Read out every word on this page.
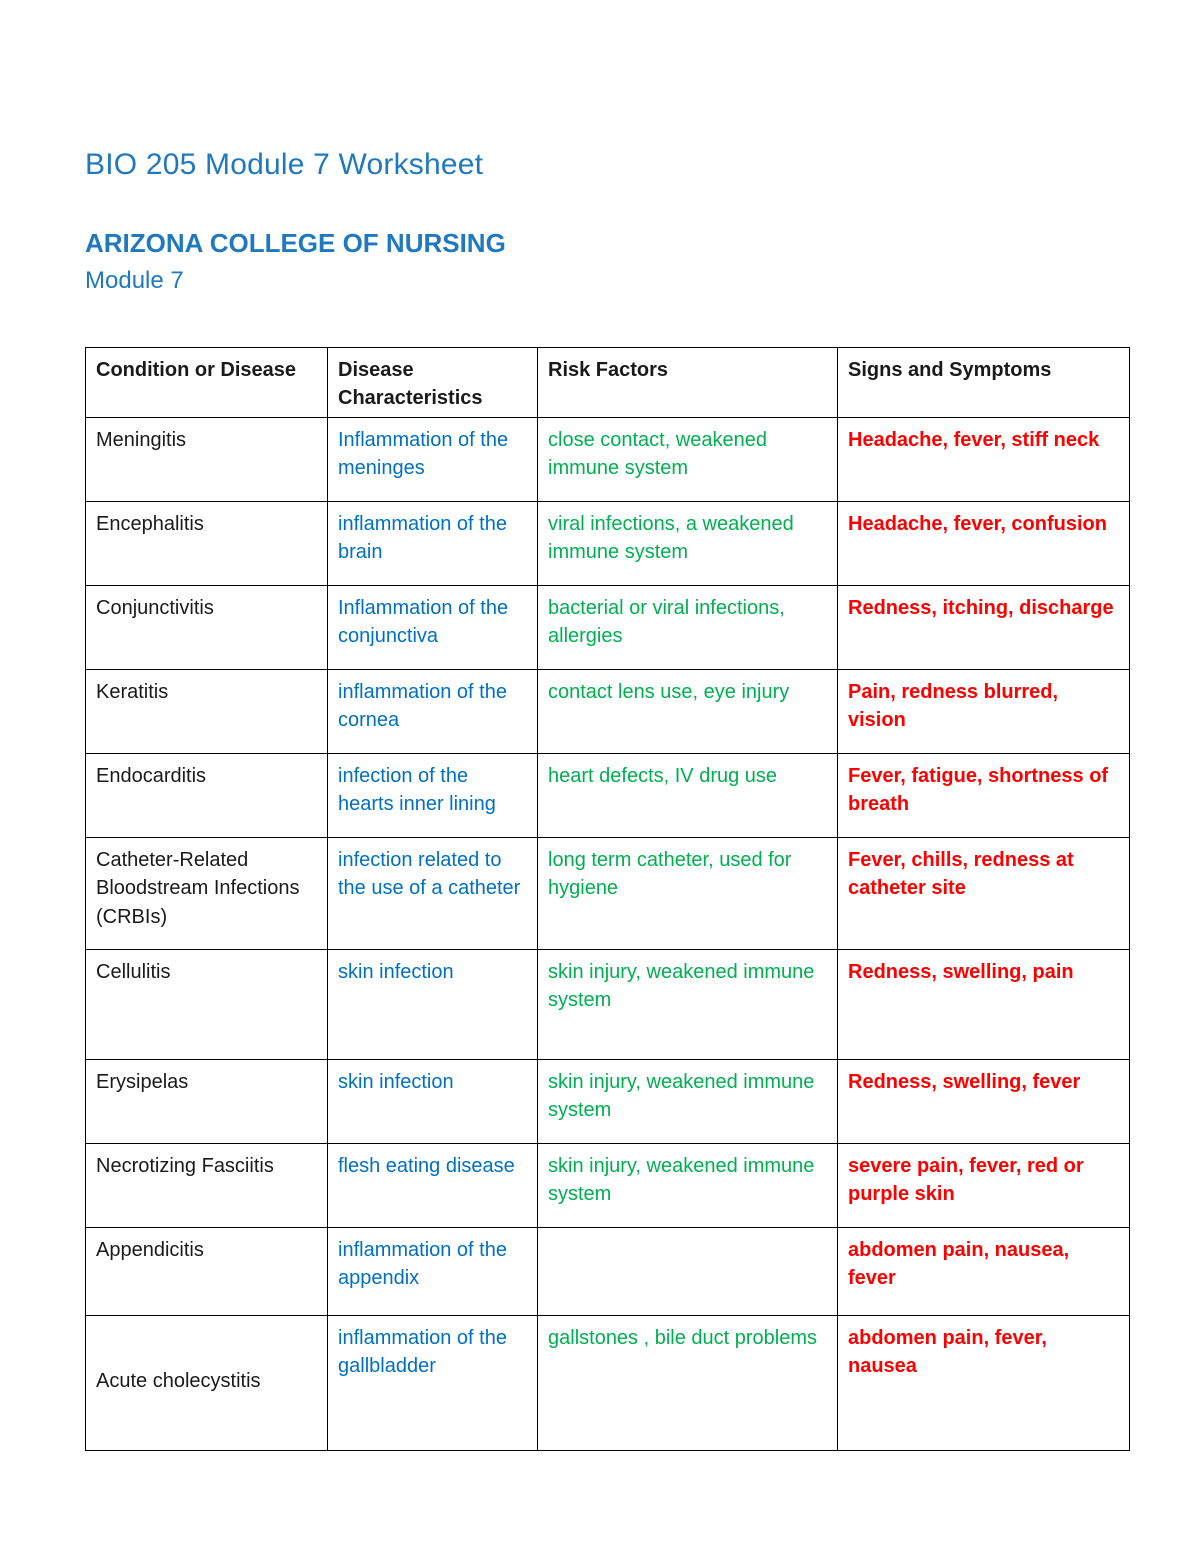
BIO 205 Module 7 Worksheet
ARIZONA COLLEGE OF NURSING
Module 7
Condition or Disease	Disease Characteristics	Risk Factors	Signs and Symptoms
Meningitis	Inflammation of the meninges	close contact, weakened immune system	Headache, fever, stiff neck
Encephalitis	inflammation of the brain	viral infections, a weakened immune system	Headache, fever, confusion
Conjunctivitis	Inflammation of the conjunctiva	bacterial or viral infections, allergies	Redness, itching, discharge
Keratitis	inflammation of the cornea	contact lens use, eye injury	Pain, redness blurred, vision
Endocarditis	infection of the hearts inner lining	heart defects, IV drug use	Fever, fatigue, shortness of breath
Catheter-Related Bloodstream Infections (CRBIs)	infection related to the use of a catheter	long term catheter, used for hygiene	Fever, chills, redness at catheter site
Cellulitis	skin infection	skin injury, weakened immune system	Redness, swelling, pain
Erysipelas	skin infection	skin injury, weakened immune system	Redness, swelling, fever
Necrotizing Fasciitis	flesh eating disease	skin injury, weakened immune system	severe pain, fever, red or purple skin
Appendicitis	inflammation of the appendix		abdomen pain, nausea, fever
Acute cholecystitis	inflammation of the gallbladder	gallstones , bile duct problems	abdomen pain, fever, nausea
